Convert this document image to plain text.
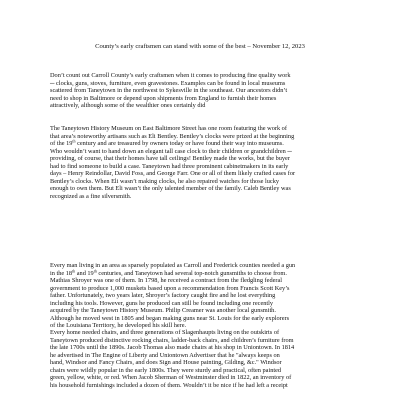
County’s early craftsmen can stand with some of the best – November 12, 2023
Don’t count out Carroll County’s early craftsmen when it comes to producing fine quality work
─ clocks, guns, stoves, furniture, even gravestones. Examples can be found in local museums
scattered from Taneytown in the northwest to Sykesville in the southeast. Our ancestors didn’t
need to shop in Baltimore or depend upon shipments from England to furnish their homes
attractively, although some of the wealthier ones certainly did
The Taneytown History Museum on East Baltimore Street has one room featuring the work of
that area’s noteworthy artisans such as Eli Bentley. Bentley’s clocks were prized at the beginning
of the 19th century and are treasured by owners today or have found their way into museums.
Who wouldn’t want to hand down an elegant tall case clock to their children or grandchildren ─
providing, of course, that their homes have tall ceilings! Bentley made the works, but the buyer
had to find someone to build a case. Taneytown had three prominent cabinetmakers in its early
days – Henry Reindollar, David Foss, and George Farr. One or all of them likely crafted cases for
Bentley’s clocks. When Eli wasn’t making clocks, he also repaired watches for those lucky
enough to own them. But Eli wasn’t the only talented member of the family. Caleb Bentley was
recognized as a fine silversmith.
Every man living in an area as sparsely populated as Carroll and Frederick counties needed a gun
in the 18th and 19th centuries, and Taneytown had several top-notch gunsmiths to choose from.
Mathias Shroyer was one of them. In 1798, he received a contract from the fledgling federal
government to produce 1,000 muskets based upon a recommendation from Francis Scott Key’s
father. Unfortunately, two years later, Shroyer’s factory caught fire and he lost everything
including his tools. However, guns he produced can still be found including one recently
acquired by the Taneytown History Museum. Philip Creamer was another local gunsmith.
Although he moved west in 1805 and began making guns near St. Louis for the early explorers
of the Louisiana Territory, he developed his skill here.
Every home needed chairs, and three generations of Slagenhaupts living on the outskirts of
Taneytown produced distinctive rocking chairs, ladder-back chairs, and children’s furniture from
the late 1700s until the 1890s. Jacob Thomas also made chairs at his shop in Uniontown. In 1814
he advertised in The Engine of Liberty and Uniontown Advertiser that he "always keeps on
hand, Windsor and Fancy Chairs, and does Sign and House painting, Gilding, &c." Windsor
chairs were wildly popular in the early 1800s. They were sturdy and practical, often painted
green, yellow, white, or red. When Jacob Sherman of Westminster died in 1822, an inventory of
his household furnishings included a dozen of them. Wouldn’t it be nice if he had left a receipt
